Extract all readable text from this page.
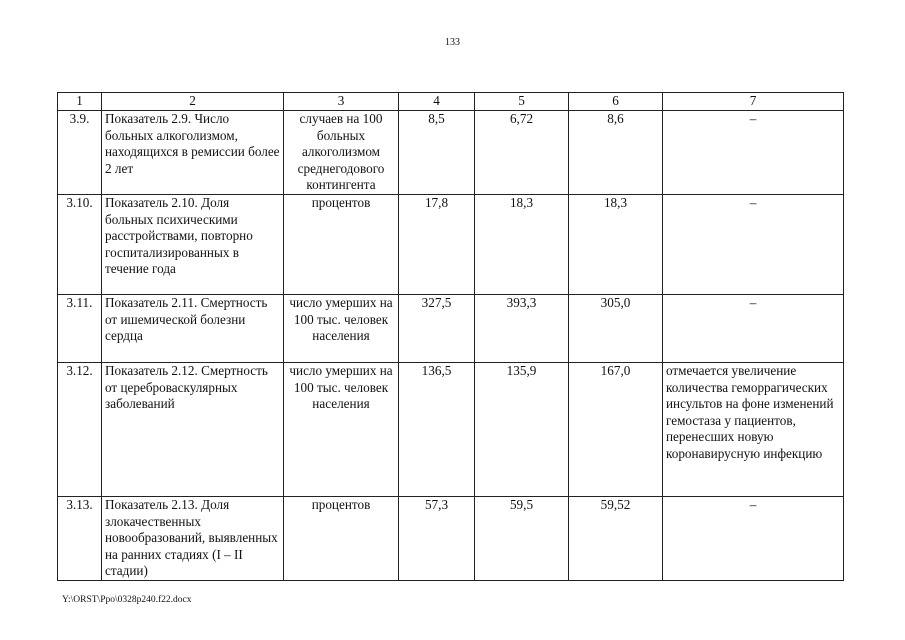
133
1	2	3	4	5	6	7
3.9.	Показатель 2.9. Число больных алкоголизмом, находящихся в ремиссии более 2 лет	случаев на 100 больных алкоголизмом среднегодового контингента	8,5	6,72	8,6	–
3.10.	Показатель 2.10. Доля больных психическими расстройствами, повторно госпитализированных в течение года	процентов	17,8	18,3	18,3	–
3.11.	Показатель 2.11. Смертность от ишемической болезни сердца	число умерших на 100 тыс. человек населения	327,5	393,3	305,0	–
3.12.	Показатель 2.12. Смертность от цереброваскулярных заболеваний	число умерших на 100 тыс. человек населения	136,5	135,9	167,0	отмечается увеличение количества геморрагических инсультов на фоне изменений гемостаза у пациентов, перенесших новую коронавирусную инфекцию
3.13.	Показатель 2.13. Доля злокачественных новообразований, выявленных на ранних стадиях (I – II стадии)	процентов	57,3	59,5	59,52	–
Y:\ORST\Ppo\0328p240.f22.docx
